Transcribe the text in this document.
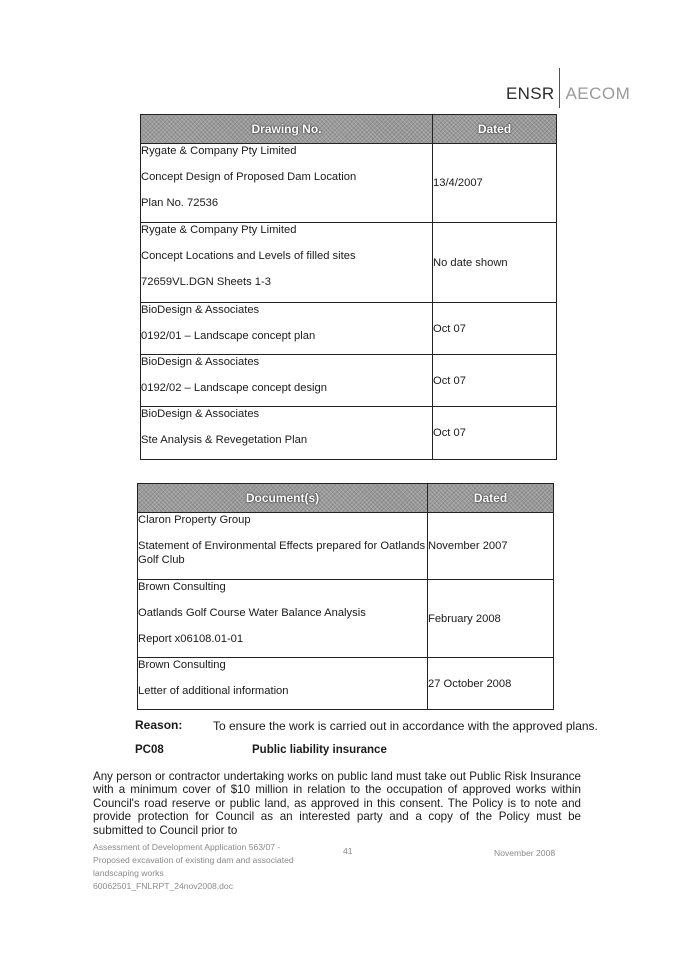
ENSR AECOM
Drawing No.	Dated

Rygate & Company Pty Limited

Concept Design of Proposed Dam Location

Plan No. 72536	13/4/2007

Rygate & Company Pty Limited

Concept Locations and Levels of filled sites

72659VL.DGN Sheets 1-3	No date shown

BioDesign & Associates

0192/01 – Landscape concept plan	Oct 07

BioDesign & Associates

0192/02 – Landscape concept design	Oct 07

BioDesign & Associates

Ste Analysis & Revegetation Plan	Oct 07
Document(s)	Dated

Claron Property Group

Statement of Environmental Effects prepared for Oatlands Golf Club	November 2007

Brown Consulting

Oatlands Golf Course Water Balance Analysis

Report x06108.01-01	February 2008

Brown Consulting

Letter of additional information	27 October 2008
Reason:	To ensure the work is carried out in accordance with the approved plans.
PC08	Public liability insurance

Any person or contractor undertaking works on public land must take out Public Risk Insurance with a minimum cover of $10 million in relation to the occupation of approved works within Council's road reserve or public land, as approved in this consent. The Policy is to note and provide protection for Council as an interested party and a copy of the Policy must be submitted to Council prior to

Assessment of Development Application 563/07 -
Proposed excavation of existing dam and associated
landscaping works
60062501_FNLRPT_24nov2008.doc
41	November 2008
